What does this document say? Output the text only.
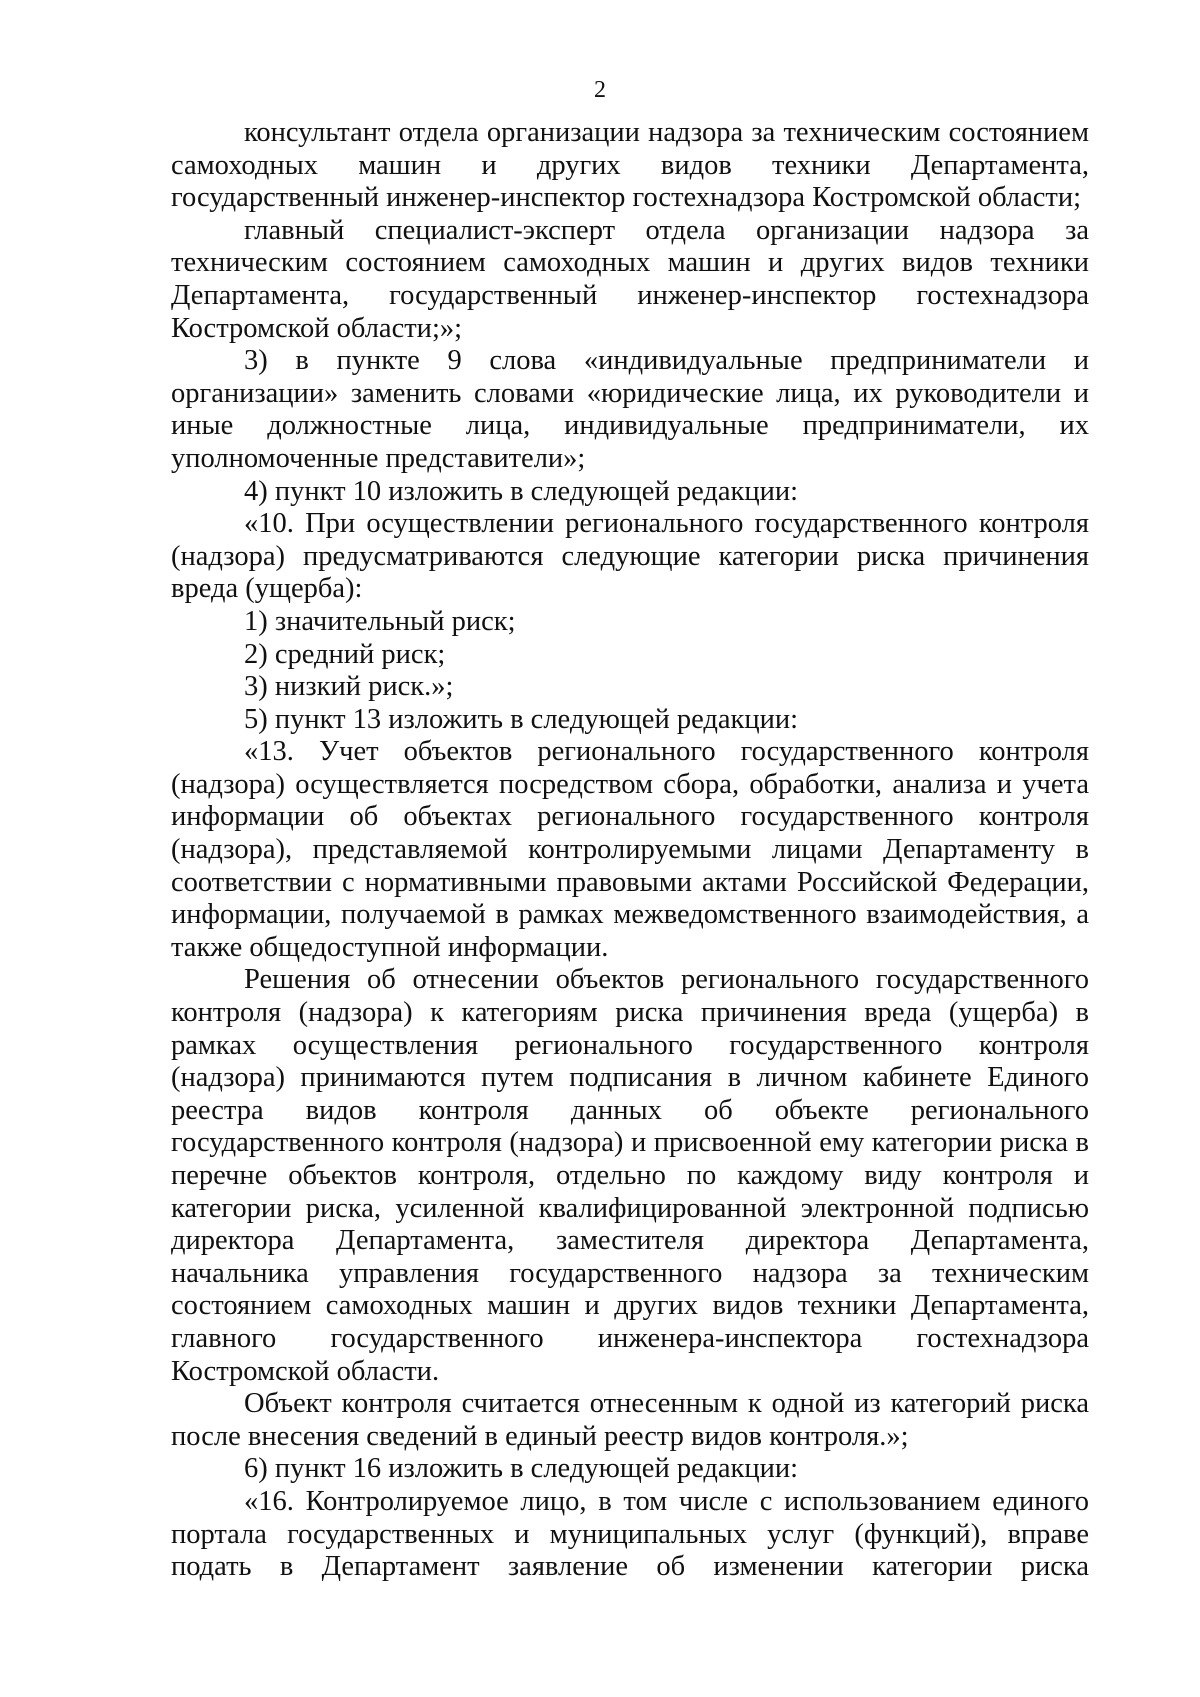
2

консультант отдела организации надзора за техническим состоянием самоходных машин и других видов техники Департамента, государственный инженер-инспектор гостехнадзора Костромской области;

главный специалист-эксперт отдела организации надзора за техническим состоянием самоходных машин и других видов техники Департамента, государственный инженер-инспектор гостехнадзора Костромской области;»;

3) в пункте 9 слова «индивидуальные предприниматели и организации» заменить словами «юридические лица, их руководители и иные должностные лица, индивидуальные предприниматели, их уполномоченные представители»;

4) пункт 10 изложить в следующей редакции:

«10. При осуществлении регионального государственного контроля (надзора) предусматриваются следующие категории риска причинения вреда (ущерба):

1) значительный риск;

2) средний риск;

3) низкий риск.»;

5) пункт 13 изложить в следующей редакции:

«13. Учет объектов регионального государственного контроля (надзора) осуществляется посредством сбора, обработки, анализа и учета информации об объектах регионального государственного контроля (надзора), представляемой контролируемыми лицами Департаменту в соответствии с нормативными правовыми актами Российской Федерации, информации, получаемой в рамках межведомственного взаимодействия, а также общедоступной информации.

Решения об отнесении объектов регионального государственного контроля (надзора) к категориям риска причинения вреда (ущерба) в рамках осуществления регионального государственного контроля (надзора) принимаются путем подписания в личном кабинете Единого реестра видов контроля данных об объекте регионального государственного контроля (надзора) и присвоенной ему категории риска в перечне объектов контроля, отдельно по каждому виду контроля и категории риска, усиленной квалифицированной электронной подписью директора Департамента, заместителя директора Департамента, начальника управления государственного надзора за техническим состоянием самоходных машин и других видов техники Департамента, главного государственного инженера-инспектора гостехнадзора Костромской области.

Объект контроля считается отнесенным к одной из категорий риска после внесения сведений в единый реестр видов контроля.»;

6) пункт 16 изложить в следующей редакции:

«16. Контролируемое лицо, в том числе с использованием единого портала государственных и муниципальных услуг (функций), вправе подать в Департамент заявление об изменении категории риска
